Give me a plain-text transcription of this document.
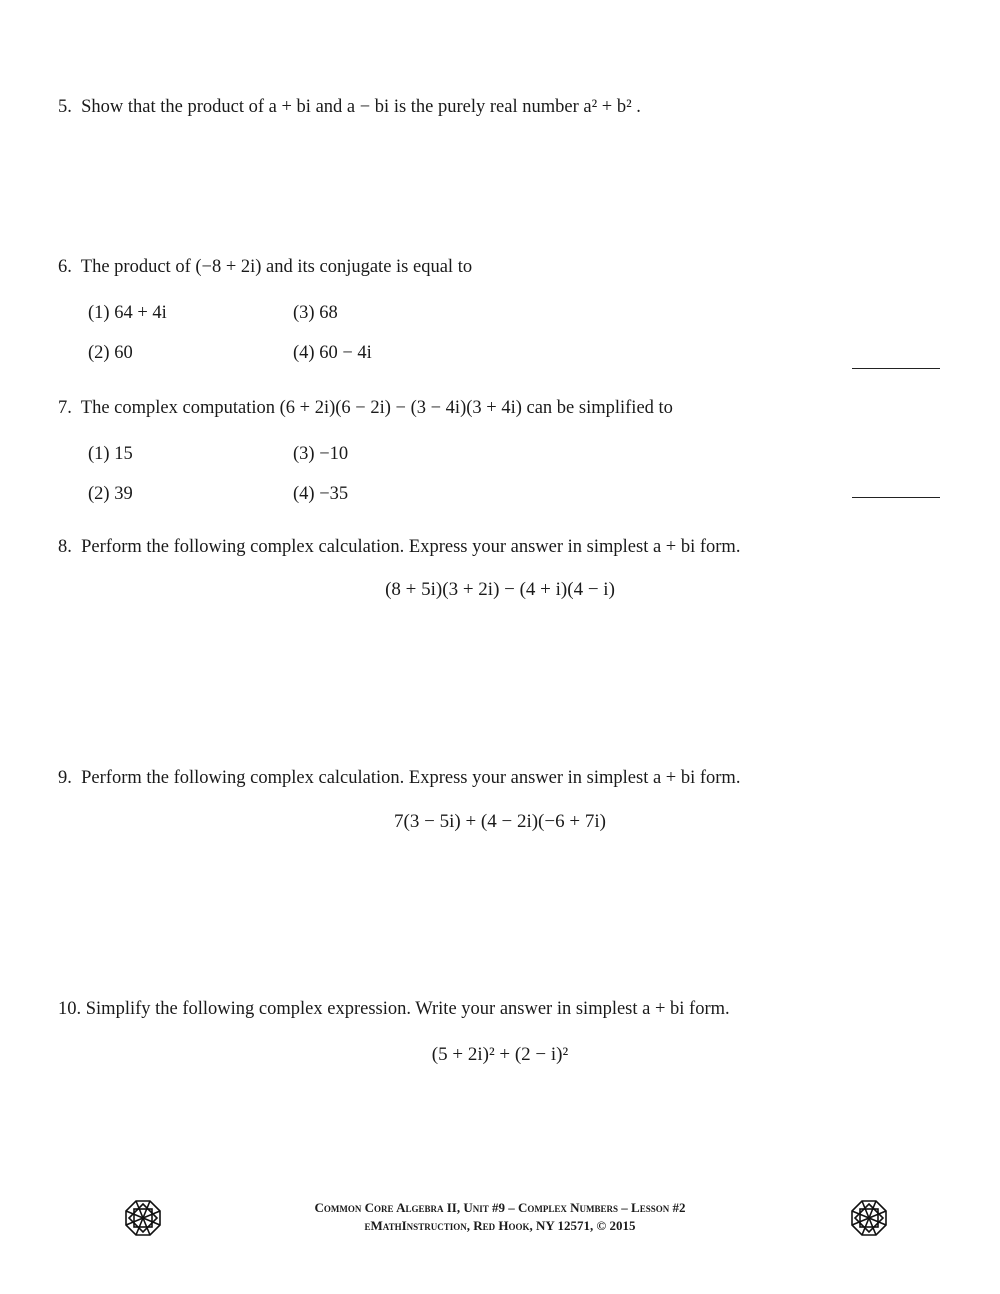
5. Show that the product of a + bi and a − bi is the purely real number a² + b² .
6. The product of (−8 + 2i) and its conjugate is equal to
(1) 64 + 4i	(3) 68
(2) 60	(4) 60 − 4i
7. The complex computation (6 + 2i)(6 − 2i) − (3 − 4i)(3 + 4i) can be simplified to
(1) 15	(3) −10
(2) 39	(4) −35
8. Perform the following complex calculation. Express your answer in simplest a + bi form.
(8 + 5i)(3 + 2i) − (4 + i)(4 − i)
9. Perform the following complex calculation. Express your answer in simplest a + bi form.
7(3 − 5i) + (4 − 2i)(−6 + 7i)
10. Simplify the following complex expression. Write your answer in simplest a + bi form.
(5 + 2i)² + (2 − i)²
Common Core Algebra II, Unit #9 – Complex Numbers – Lesson #2
eMathInstruction, Red Hook, NY 12571, © 2015
